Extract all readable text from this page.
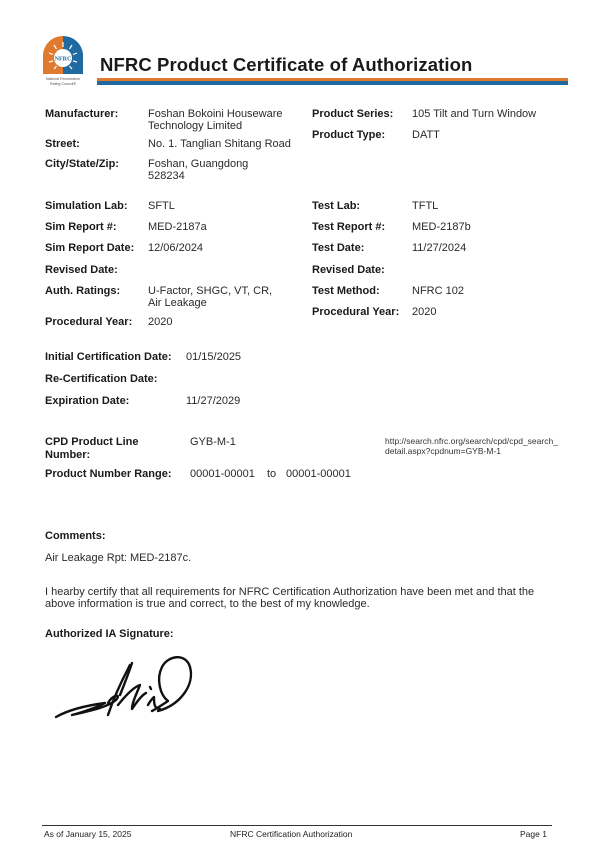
NFRC
National Fenestration
Rating Council®
NFRC Product Certificate of Authorization
Manufacturer:	Foshan Bokoini Houseware
Technology Limited
Street:	No. 1. Tanglian Shitang Road
City/State/Zip:	Foshan, Guangdong
528234
Product Series: 105 Tilt and Turn Window
Product Type: DATT
Simulation Lab: SFTL
Sim Report #:	MED-2187a
Sim Report Date: 12/06/2024
Revised Date:
Auth. Ratings:	U-Factor, SHGC, VT, CR,
Air Leakage
Procedural Year: 2020
Test Lab:	TFTL
Test Report #: MED-2187b
Test Date:	11/27/2024
Revised Date:
Test Method:	NFRC 102
Procedural Year: 2020
Initial Certification Date: 01/15/2025
Re-Certification Date:
Expiration Date:	11/27/2029
CPD Product Line
Number:
GYB-M-1	http://search.nfrc.org/search/cpd/cpd_search_
detail.aspx?cpdnum=GYB-M-1
Product Number Range: 00001-00001 to 00001-00001
Comments:
Air Leakage Rpt: MED-2187c.
I hearby certify that all requirements for NFRC Certification Authorization have been met and that the
above information is true and correct, to the best of my knowledge.
Authorized IA Signature:
As of January 15, 2025	NFRC Certification Authorization	Page 1
